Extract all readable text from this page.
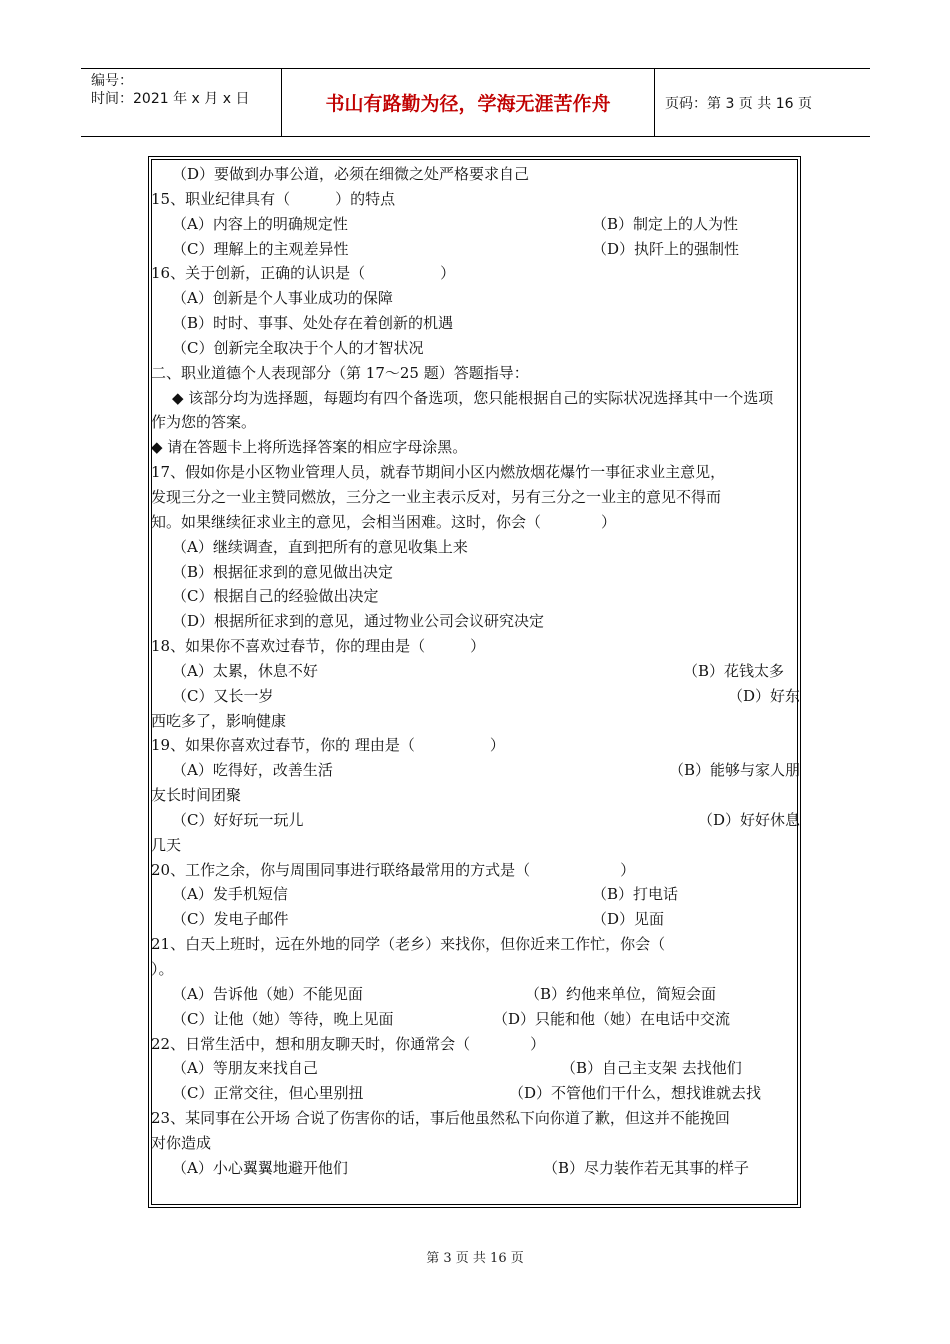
编号：
时间：2021 年 x 月 x 日	书山有路勤为径，学海无涯苦作舟	页码：第 3 页 共 16 页
（D）要做到办事公道，必须在细微之处严格要求自己
15、职业纪律具有（　　　）的特点
（A）内容上的明确规定性	（B）制定上的人为性
（C）理解上的主观差异性	（D）执阡上的强制性
16、关于创新，正确的认识是（　　　　　）
（A）创新是个人事业成功的保障
（B）时时、事事、处处存在着创新的机遇
（C）创新完全取决于个人的才智状况
二、职业道德个人表现部分（第 17～25 题）答题指导：
◆ 该部分均为选择题，每题均有四个备选项，您只能根据自己的实际状况选择其中一个选项
作为您的答案。
◆ 请在答题卡上将所选择答案的相应字母涂黑。
17、假如你是小区物业管理人员，就春节期间小区内燃放烟花爆竹一事征求业主意见，
发现三分之一业主赞同燃放，三分之一业主表示反对，另有三分之一业主的意见不得而
知。如果继续征求业主的意见，会相当困难。这时，你会（　　　　）
（A）继续调查，直到把所有的意见收集上来
（B）根据征求到的意见做出决定
（C）根据自己的经验做出决定
（D）根据所征求到的意见，通过物业公司会议研究决定
18、如果你不喜欢过春节，你的理由是（　　　）
（A）太累，休息不好	（B）花钱太多
（C）又长一岁	（D）好东
西吃多了，影响健康
19、如果你喜欢过春节，你的 理由是（　　　　　）
（A）吃得好，改善生活	（B）能够与家人朋
友长时间团聚
（C）好好玩一玩儿	（D）好好休息
几天
20、工作之余，你与周围同事进行联络最常用的方式是（　　　　　　）
（A）发手机短信	（B）打电话
（C）发电子邮件	（D）见面
21、白天上班时，远在外地的同学（老乡）来找你，但你近来工作忙，你会（
）。
（A）告诉他（她）不能见面	（B）约他来单位，简短会面
（C）让他（她）等待，晚上见面	（D）只能和他（她）在电话中交流
22、日常生活中，想和朋友聊天时，你通常会（　　　　）
（A）等朋友来找自己	（B）自己主支架 去找他们
（C）正常交往，但心里别扭	（D）不管他们干什么，想找谁就去找
23、某同事在公开场 合说了伤害你的话，事后他虽然私下向你道了歉，但这并不能挽回
对你造成
（A）小心翼翼地避开他们	（B）尽力装作若无其事的样子
第 3 页 共 16 页
